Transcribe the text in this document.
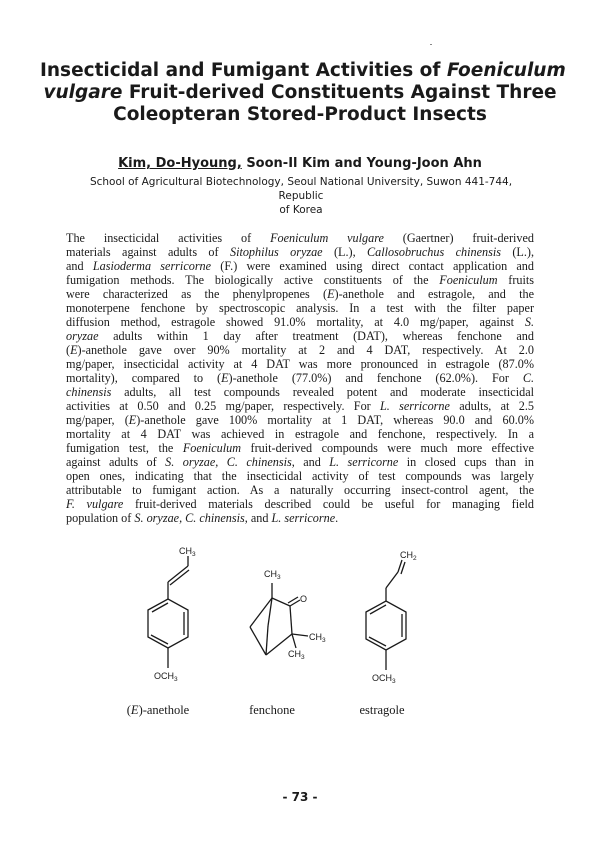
Insecticidal and Fumigant Activities of Foeniculum
vulgare Fruit-derived Constituents Against Three
Coleopteran Stored-Product Insects
Kim, Do-Hyoung, Soon-Il Kim and Young-Joon Ahn
School of Agricultural Biotechnology, Seoul National University, Suwon 441-744, Republic
of Korea
The insecticidal activities of Foeniculum vulgare (Gaertner) fruit-derived
materials against adults of Sitophilus oryzae (L.), Callosobruchus chinensis (L.),
and Lasioderma serricorne (F.) were examined using direct contact application and
fumigation methods. The biologically active constituents of the Foeniculum fruits
were characterized as the phenylpropenes (E)-anethole and estragole, and the
monoterpene fenchone by spectroscopic analysis. In a test with the filter paper
diffusion method, estragole showed 91.0% mortality, at 4.0 mg/paper, against S.
oryzae adults within 1 day after treatment (DAT), whereas fenchone and
(E)-anethole gave over 90% mortality at 2 and 4 DAT, respectively. At 2.0
mg/paper, insecticidal activity at 4 DAT was more pronounced in estragole (87.0%
mortality), compared to (E)-anethole (77.0%) and fenchone (62.0%). For C.
chinensis adults, all test compounds revealed potent and moderate insecticidal
activities at 0.50 and 0.25 mg/paper, respectively. For L. serricorne adults, at 2.5
mg/paper, (E)-anethole gave 100% mortality at 1 DAT, whereas 90.0 and 60.0%
mortality at 4 DAT was achieved in estragole and fenchone, respectively. In a
fumigation test, the Foeniculum fruit-derived compounds were much more effective
against adults of S. oryzae, C. chinensis, and L. serricorne in closed cups than in
open ones, indicating that the insecticidal activity of test compounds was largely
attributable to fumigant action. As a naturally occurring insect-control agent, the
F. vulgare fruit-derived materials described could be useful for managing field
population of S. oryzae, C. chinensis, and L. serricorne.
$CH_3$
$OCH_3$
(E)-anethole
$CH_3$
O
$CH_3$
$CH_3$
fenchone
$CH_2$
$OCH_3$
estragole
- 73 -
